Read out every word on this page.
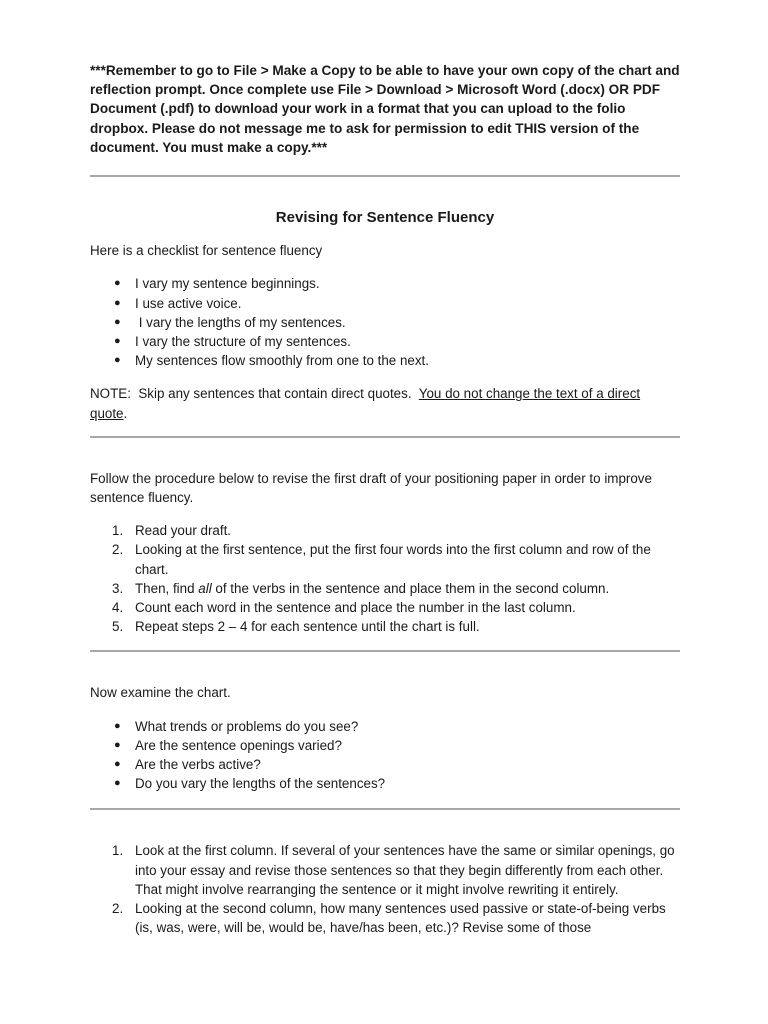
***Remember to go to File > Make a Copy to be able to have your own copy of the chart and reflection prompt. Once complete use File > Download > Microsoft Word (.docx) OR PDF Document (.pdf) to download your work in a format that you can upload to the folio dropbox. Please do not message me to ask for permission to edit THIS version of the document. You must make a copy.***

Revising for Sentence Fluency

Here is a checklist for sentence fluency

● I vary my sentence beginnings.
● I use active voice.
● I vary the lengths of my sentences.
● I vary the structure of my sentences.
● My sentences flow smoothly from one to the next.

NOTE:  Skip any sentences that contain direct quotes.  You do not change the text of a direct quote.

Follow the procedure below to revise the first draft of your positioning paper in order to improve sentence fluency.

1. Read your draft.
2. Looking at the first sentence, put the first four words into the first column and row of the chart.
3. Then, find all of the verbs in the sentence and place them in the second column.
4. Count each word in the sentence and place the number in the last column.
5. Repeat steps 2 – 4 for each sentence until the chart is full.

Now examine the chart.

● What trends or problems do you see?
● Are the sentence openings varied?
● Are the verbs active?
● Do you vary the lengths of the sentences?
1. Look at the first column. If several of your sentences have the same or similar openings, go into your essay and revise those sentences so that they begin differently from each other. That might involve rearranging the sentence or it might involve rewriting it entirely.
2. Looking at the second column, how many sentences used passive or state-of-being verbs (is, was, were, will be, would be, have/has been, etc.)? Revise some of those
